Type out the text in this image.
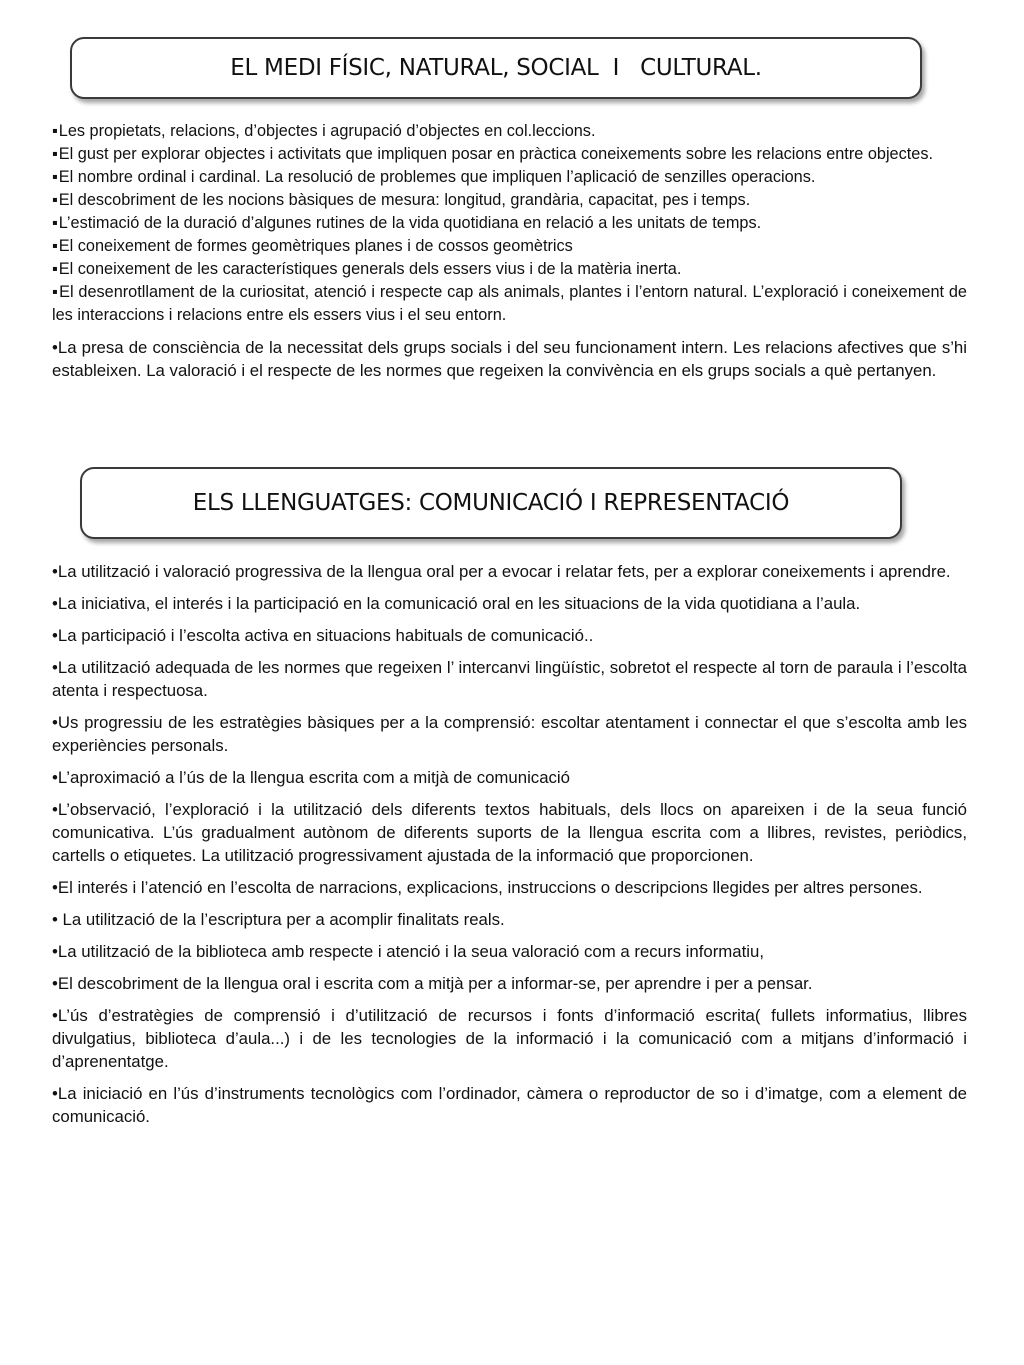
EL MEDI FÍSIC, NATURAL, SOCIAL  I   CULTURAL.
▪ Les propietats, relacions, d’objectes i agrupació d’objectes en col.leccions.
▪ El gust per explorar objectes i activitats que impliquen posar en pràctica coneixements sobre les relacions entre objectes.
▪ El nombre ordinal i cardinal. La resolució de problemes que impliquen l’aplicació de senzilles operacions.
▪ El descobriment de les nocions bàsiques de mesura: longitud, grandària, capacitat, pes i temps.
▪ L’estimació de la duració d’algunes rutines de la vida quotidiana en relació a les unitats de temps.
▪ El coneixement de formes geomètriques planes i de cossos geomètrics
▪ El coneixement de les característiques generals dels essers vius i de la matèria inerta.
▪ El desenrotllament de la curiositat, atenció i respecte cap als animals, plantes i l’entorn natural. L’exploració i coneixement de les interaccions i relacions entre els essers vius i el seu entorn.
• La presa de consciència de la necessitat dels grups socials i del seu funcionament intern. Les relacions afectives que s’hi estableixen. La valoració i el respecte de les normes que regeixen la convivència en els grups socials a què pertanyen.
ELS LLENGUATGES: COMUNICACIÓ I REPRESENTACIÓ
• La utilització i valoració progressiva de la llengua oral per a evocar i relatar fets, per a explorar coneixements i aprendre.
• La iniciativa, el interés i la participació en la comunicació oral en les situacions de la vida quotidiana a l’aula.
• La participació i l’escolta activa en situacions habituals de comunicació..
• La utilització adequada de les normes que regeixen l’ intercanvi lingüístic, sobretot el respecte al torn de paraula i l’escolta atenta i respectuosa.
• Us progressiu de les estratègies bàsiques per a la comprensió: escoltar atentament i connectar el que s’escolta amb les experiències personals.
• L’aproximació a l’ús de la llengua escrita com a mitjà de comunicació
• L’observació, l’exploració i la utilització dels diferents textos habituals, dels llocs on apareixen i de la seua funció comunicativa. L’ús gradualment autònom de diferents suports de la llengua escrita com a llibres, revistes, periòdics, cartells o etiquetes. La utilització progressivament ajustada de la informació que proporcionen.
• El interés i l’atenció en l’escolta de narracions, explicacions, instruccions o descripcions llegides per altres persones.
• La utilització de la l’escriptura per a acomplir finalitats reals.
• La utilització de la biblioteca amb respecte i atenció i la seua valoració com a recurs informatiu,
• El descobriment de la llengua oral i escrita com a mitjà per a informar-se, per aprendre i per a pensar.
• L’ús d’estratègies de comprensió i d’utilització de recursos i fonts d’informació escrita( fullets informatius, llibres divulgatius, biblioteca d’aula...) i de les tecnologies de la informació i la comunicació com a mitjans d’informació i d’aprenentatge.
• La iniciació en l’ús d’instruments tecnològics com l’ordinador, càmera o reproductor de so i d’imatge, com a element de comunicació.
